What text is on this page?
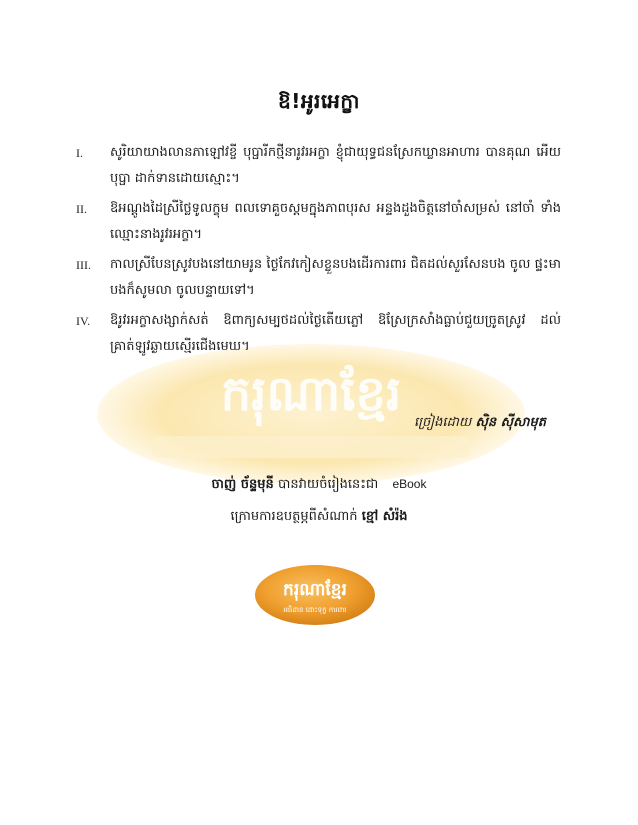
ករុណាខ្មែរ
ឱ!អូរអេក្ខា
I.	សូរិយាយាងលានភាឡៅវខ្ចី បុប្ផារីកថ្មីនារូវរអក្ខា ខ្ញុំជាយុទ្ធជនស្រែកឃ្លានអាហារ បានគុណ អើយបុប្ផា ដាក់ទានដោយស្មោះ។
II.	ឱអណ្តូងដៃស្រីថ្លៃទូលក្ខុម ពលទោគួចស្តមក្នុងភាពបុរស អន្ទងដួងចិត្តនៅចាំសម្រស់ នៅចាំ ទាំងឈ្មោះនាងរូវរអក្ខា។
III.	កាលស្រីបែនស្រូវបងនៅយាមរូន ថ្ងៃកែវកៀសខ្លួនបងដើរការពារ ជិតដល់សួរសែនបង ចូល ផ្ទះមា បងក៏សូមលា ចូលបន្ទាយទៅ។
IV.	ឱរូវរអក្ខាសង្សាក់សត់ ឱពាក្យសម្បថដល់ថ្ងៃតើយភ្លៅ ឱស្រែក្រសាំងធ្លាប់ជួយច្រូតស្រូវ ដល់ គ្រាត់ឡូវឆ្ងាយស្មើរជើងមេឃ។
ច្រៀងដោយ ស៊ិន ស៊ីសាមុត
ចាញ់ ច័ន្ទមុនី បានវាយចំរៀងនេះជា eBook
ក្រោមការឧបត្ថម្ភពីសំណាក់ ខ្មៅ សំរ៉ង
ករុណាខ្មែរ
អធិដាន ដោះទុក្ខ ការពារ
